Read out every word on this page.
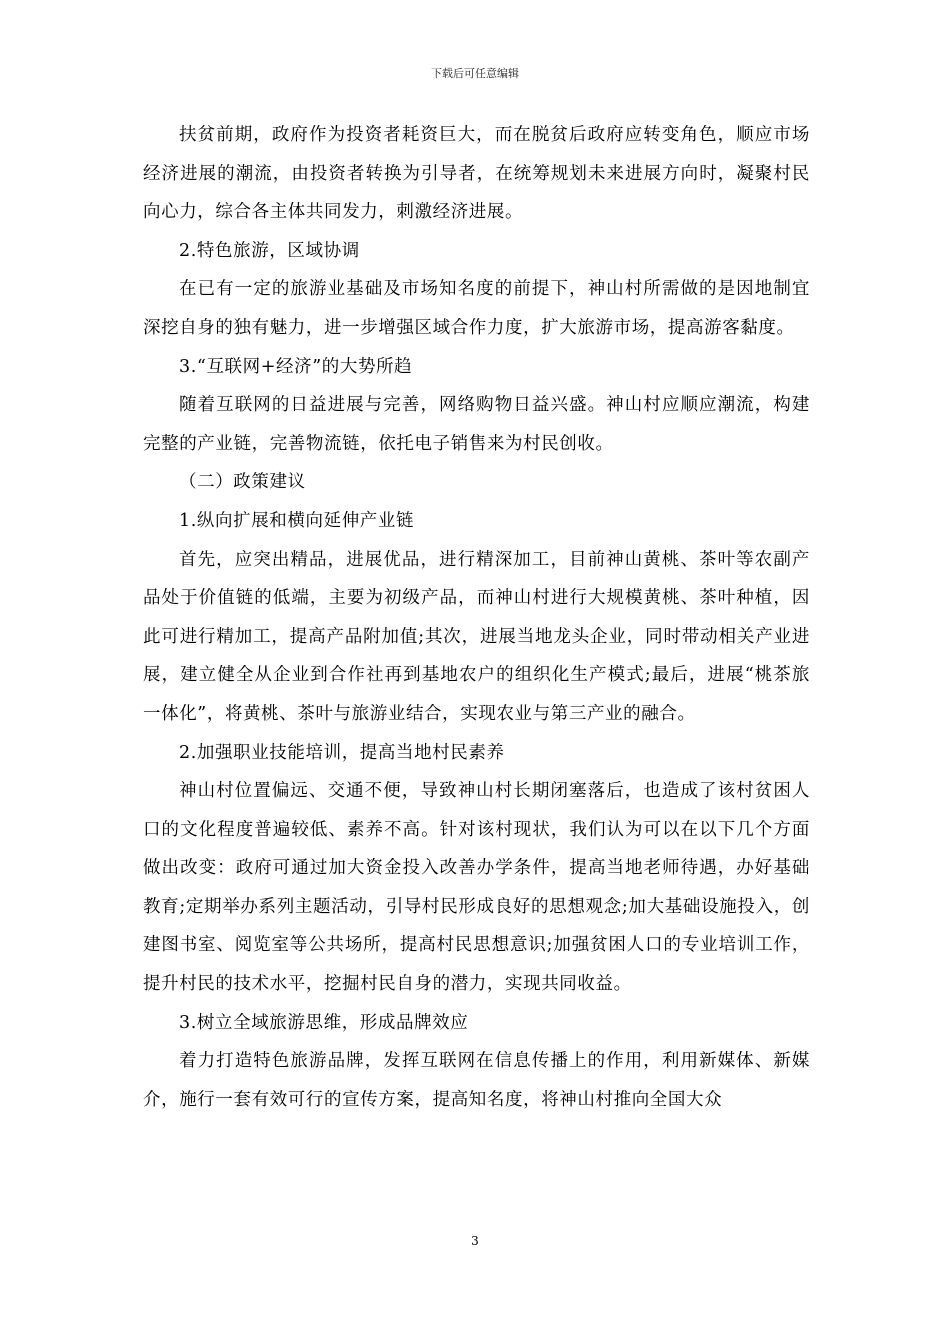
下载后可任意编辑

扶贫前期，政府作为投资者耗资巨大，而在脱贫后政府应转变角色，顺应市场经济进展的潮流，由投资者转换为引导者，在统筹规划未来进展方向时，凝聚村民向心力，综合各主体共同发力，刺激经济进展。

2.特色旅游，区域协调

在已有一定的旅游业基础及市场知名度的前提下，神山村所需做的是因地制宜深挖自身的独有魅力，进一步增强区域合作力度，扩大旅游市场，提高游客黏度。

3.“互联网+经济”的大势所趋

随着互联网的日益进展与完善，网络购物日益兴盛。神山村应顺应潮流，构建完整的产业链，完善物流链，依托电子销售来为村民创收。

（二）政策建议

1.纵向扩展和横向延伸产业链

首先，应突出精品，进展优品，进行精深加工，目前神山黄桃、茶叶等农副产品处于价值链的低端，主要为初级产品，而神山村进行大规模黄桃、茶叶种植，因此可进行精加工，提高产品附加值;其次，进展当地龙头企业，同时带动相关产业进展，建立健全从企业到合作社再到基地农户的组织化生产模式;最后，进展“桃茶旅一体化”，将黄桃、茶叶与旅游业结合，实现农业与第三产业的融合。

2.加强职业技能培训，提高当地村民素养

神山村位置偏远、交通不便，导致神山村长期闭塞落后，也造成了该村贫困人口的文化程度普遍较低、素养不高。针对该村现状，我们认为可以在以下几个方面做出改变：政府可通过加大资金投入改善办学条件，提高当地老师待遇，办好基础教育;定期举办系列主题活动，引导村民形成良好的思想观念;加大基础设施投入，创建图书室、阅览室等公共场所，提高村民思想意识;加强贫困人口的专业培训工作，提升村民的技术水平，挖掘村民自身的潜力，实现共同收益。

3.树立全域旅游思维，形成品牌效应

着力打造特色旅游品牌，发挥互联网在信息传播上的作用，利用新媒体、新媒介，施行一套有效可行的宣传方案，提高知名度，将神山村推向全国大众

3
